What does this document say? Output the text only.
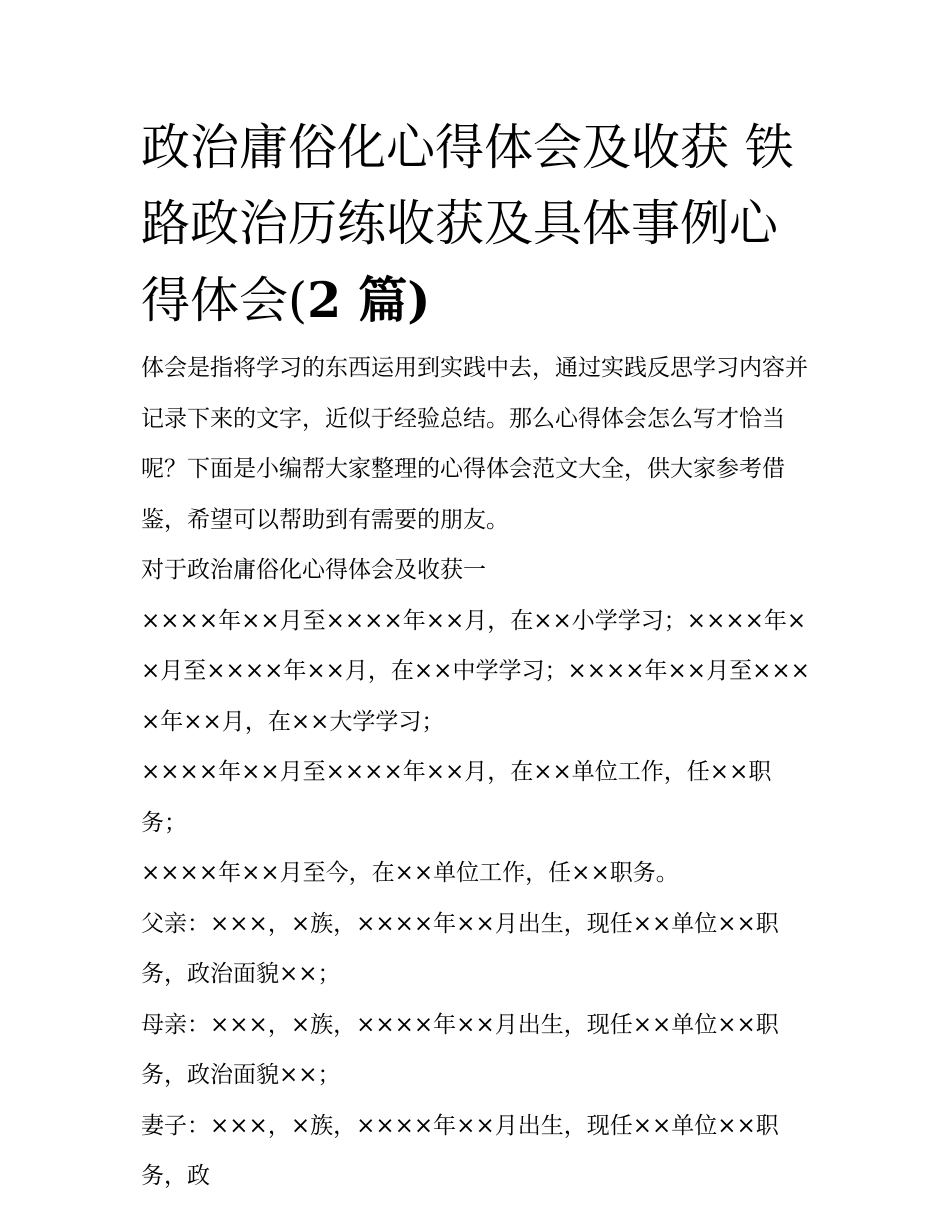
政治庸俗化心得体会及收获 铁路政治历练收获及具体事例心得体会(2 篇)

体会是指将学习的东西运用到实践中去，通过实践反思学习内容并记录下来的文字，近似于经验总结。那么心得体会怎么写才恰当呢？下面是小编帮大家整理的心得体会范文大全，供大家参考借鉴，希望可以帮助到有需要的朋友。

对于政治庸俗化心得体会及收获一

××××年××月至××××年××月，在××小学学习；××××年××月至××××年××月，在××中学学习；××××年××月至××××年××月，在××大学学习；

××××年××月至××××年××月，在××单位工作，任××职务；

××××年××月至今，在××单位工作，任××职务。

父亲：×××，×族，××××年××月出生，现任××单位××职务，政治面貌××；

母亲：×××，×族，××××年××月出生，现任××单位××职务，政治面貌××；

妻子：×××，×族，××××年××月出生，现任××单位××职务，政
